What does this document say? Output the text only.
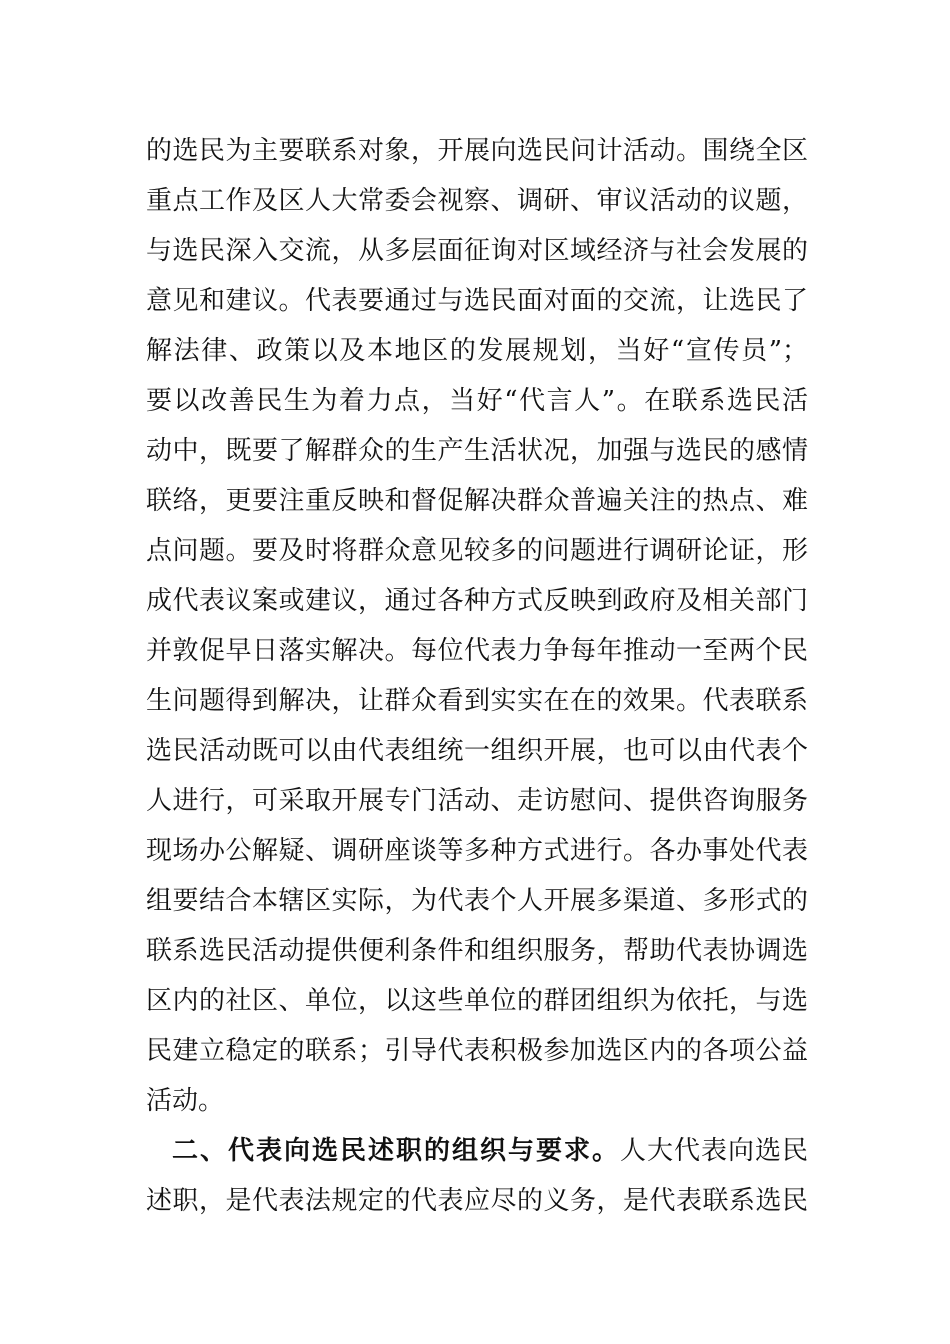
的选民为主要联系对象，开展向选民问计活动。围绕全区
重点工作及区人大常委会视察、调研、审议活动的议题，
与选民深入交流，从多层面征询对区域经济与社会发展的
意见和建议。代表要通过与选民面对面的交流，让选民了
解法律、政策以及本地区的发展规划，当好“宣传员”；
要以改善民生为着力点，当好“代言人”。在联系选民活
动中，既要了解群众的生产生活状况，加强与选民的感情
联络，更要注重反映和督促解决群众普遍关注的热点、难
点问题。要及时将群众意见较多的问题进行调研论证，形
成代表议案或建议，通过各种方式反映到政府及相关部门
并敦促早日落实解决。每位代表力争每年推动一至两个民
生问题得到解决，让群众看到实实在在的效果。代表联系
选民活动既可以由代表组统一组织开展，也可以由代表个
人进行，可采取开展专门活动、走访慰问、提供咨询服务
现场办公解疑、调研座谈等多种方式进行。各办事处代表
组要结合本辖区实际，为代表个人开展多渠道、多形式的
联系选民活动提供便利条件和组织服务，帮助代表协调选
区内的社区、单位，以这些单位的群团组织为依托，与选
民建立稳定的联系；引导代表积极参加选区内的各项公益
活动。
二、代表向选民述职的组织与要求。人大代表向选民
述职，是代表法规定的代表应尽的义务，是代表联系选民
